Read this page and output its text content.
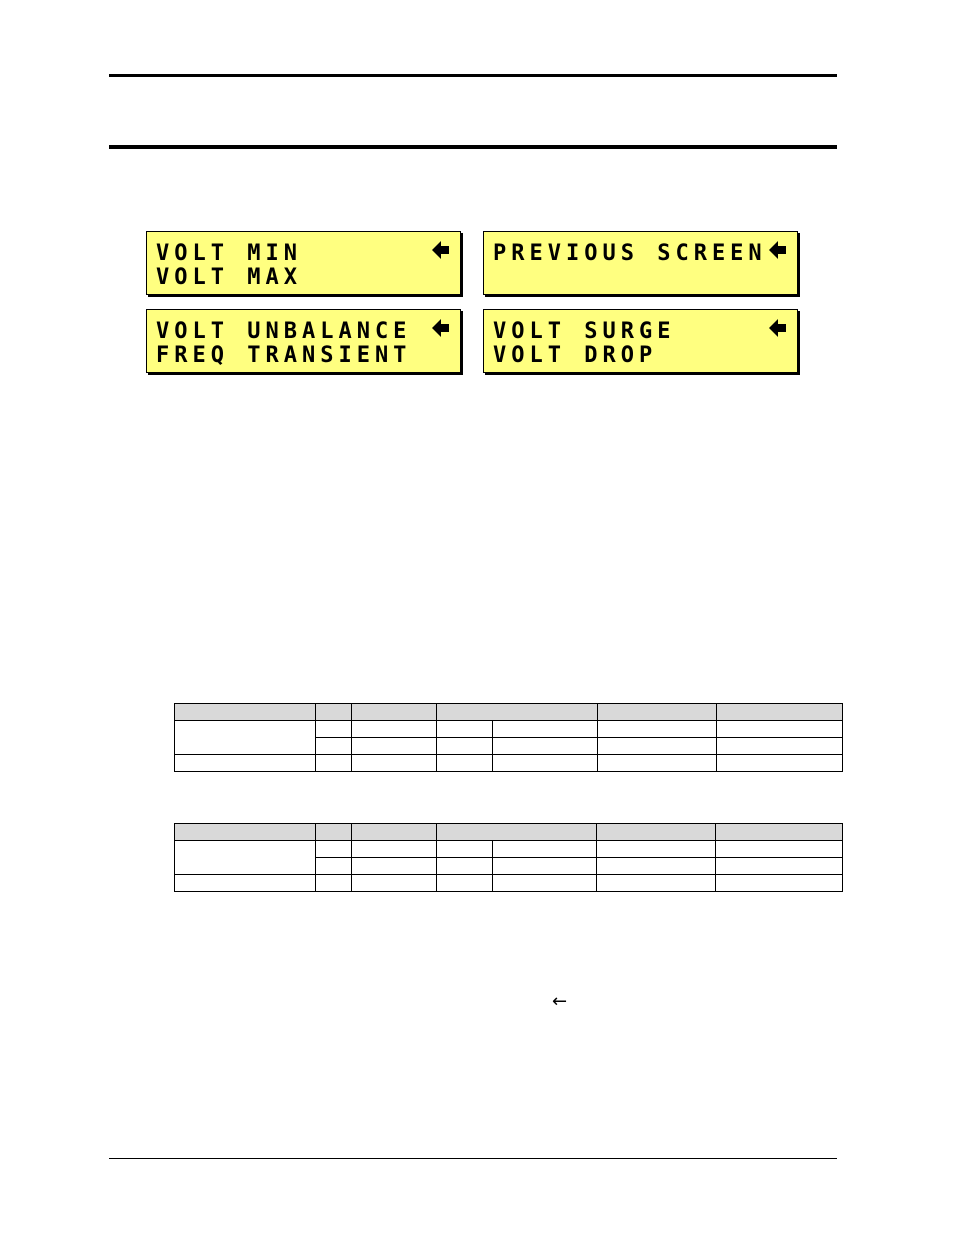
VOLT MIN
VOLT MAX
PREVIOUS SCREEN
VOLT UNBALANCE
FREQ TRANSIENT
VOLT SURGE
VOLT DROP

←
